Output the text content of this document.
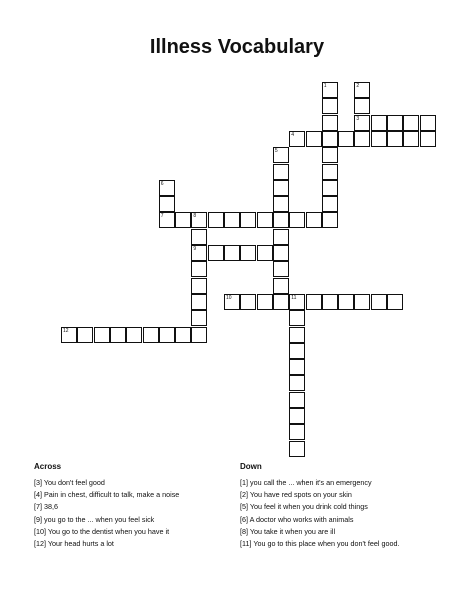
Illness Vocabulary
1	2
3
4
5
6
7	8
9
10	11
12
Across
[3] You don't feel good
[4] Pain in chest, difficult to talk, make a noise
[7] 38,6
[9] you go to the ... when you feel sick
[10] You go to the dentist when you have it
[12] Your head hurts a lot
Down
[1] you call the ... when it's an emergency
[2] You have red spots on your skin
[5] You feel it when you drink cold things
[6] A doctor who works with animals
[8] You take it when you are ill
[11] You go to this place when you don't feel good.
